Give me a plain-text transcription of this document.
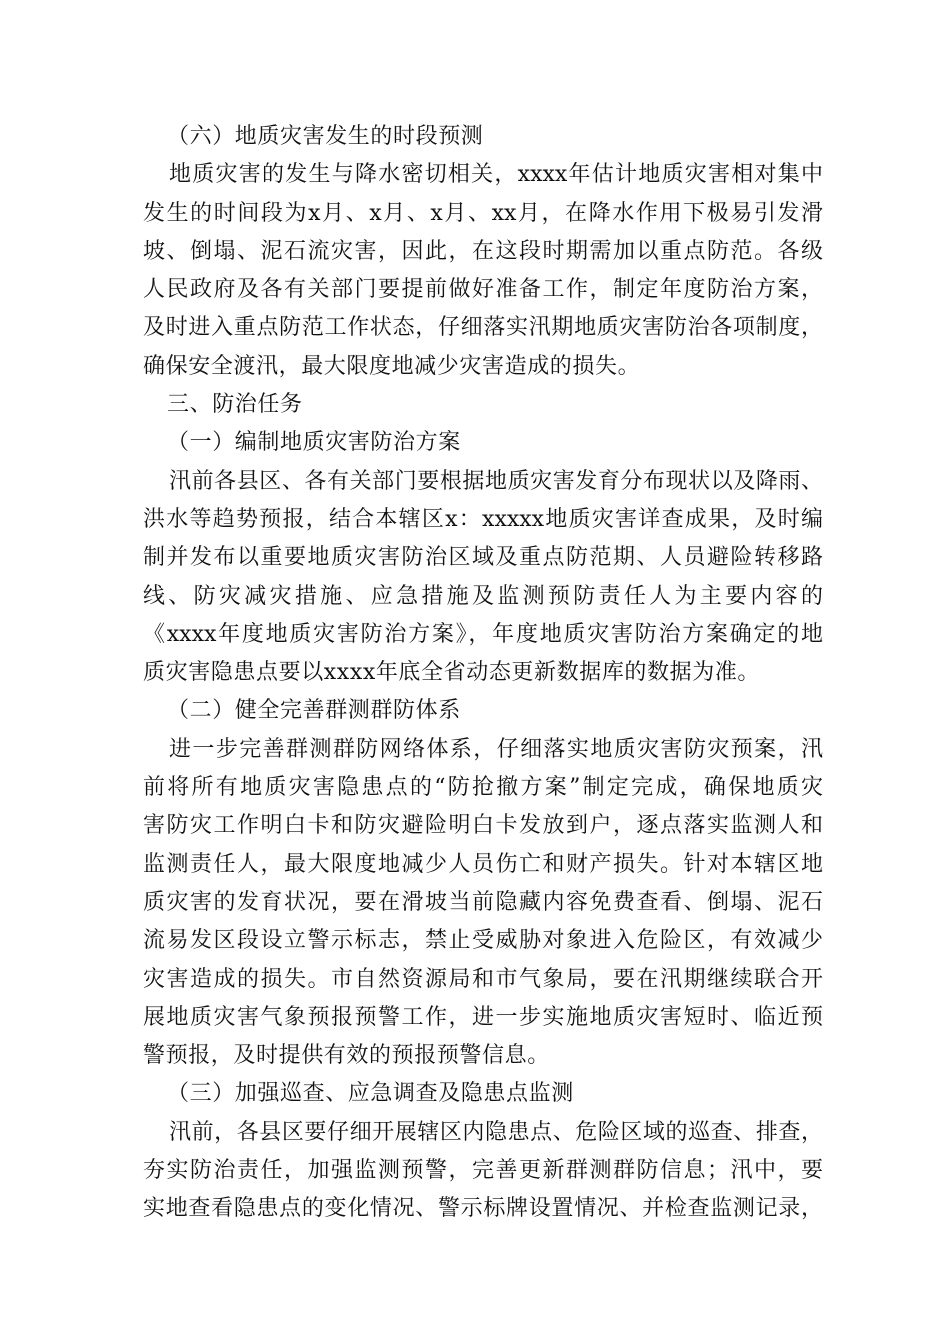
（六）地质灾害发生的时段预测
地质灾害的发生与降水密切相关，xxxx年估计地质灾害相对集中
发生的时间段为x月、x月、x月、xx月，在降水作用下极易引发滑
坡、倒塌、泥石流灾害，因此，在这段时期需加以重点防范。各级
人民政府及各有关部门要提前做好准备工作，制定年度防治方案，
及时进入重点防范工作状态，仔细落实汛期地质灾害防治各项制度，
确保安全渡汛，最大限度地减少灾害造成的损失。
三、防治任务
（一）编制地质灾害防治方案
汛前各县区、各有关部门要根据地质灾害发育分布现状以及降雨、
洪水等趋势预报，结合本辖区x：xxxxx地质灾害详查成果，及时编
制并发布以重要地质灾害防治区域及重点防范期、人员避险转移路
线、防灾减灾措施、应急措施及监测预防责任人为主要内容的
《xxxx年度地质灾害防治方案》，年度地质灾害防治方案确定的地
质灾害隐患点要以xxxx年底全省动态更新数据库的数据为准。
（二）健全完善群测群防体系
进一步完善群测群防网络体系，仔细落实地质灾害防灾预案，汛
前将所有地质灾害隐患点的“防抢撤方案”制定完成，确保地质灾
害防灾工作明白卡和防灾避险明白卡发放到户，逐点落实监测人和
监测责任人，最大限度地减少人员伤亡和财产损失。针对本辖区地
质灾害的发育状况，要在滑坡当前隐藏内容免费查看、倒塌、泥石
流易发区段设立警示标志，禁止受威胁对象进入危险区，有效减少
灾害造成的损失。市自然资源局和市气象局，要在汛期继续联合开
展地质灾害气象预报预警工作，进一步实施地质灾害短时、临近预
警预报，及时提供有效的预报预警信息。
（三）加强巡查、应急调查及隐患点监测
汛前，各县区要仔细开展辖区内隐患点、危险区域的巡查、排查，
夯实防治责任，加强监测预警，完善更新群测群防信息；汛中，要
实地查看隐患点的变化情况、警示标牌设置情况、并检查监测记录，
